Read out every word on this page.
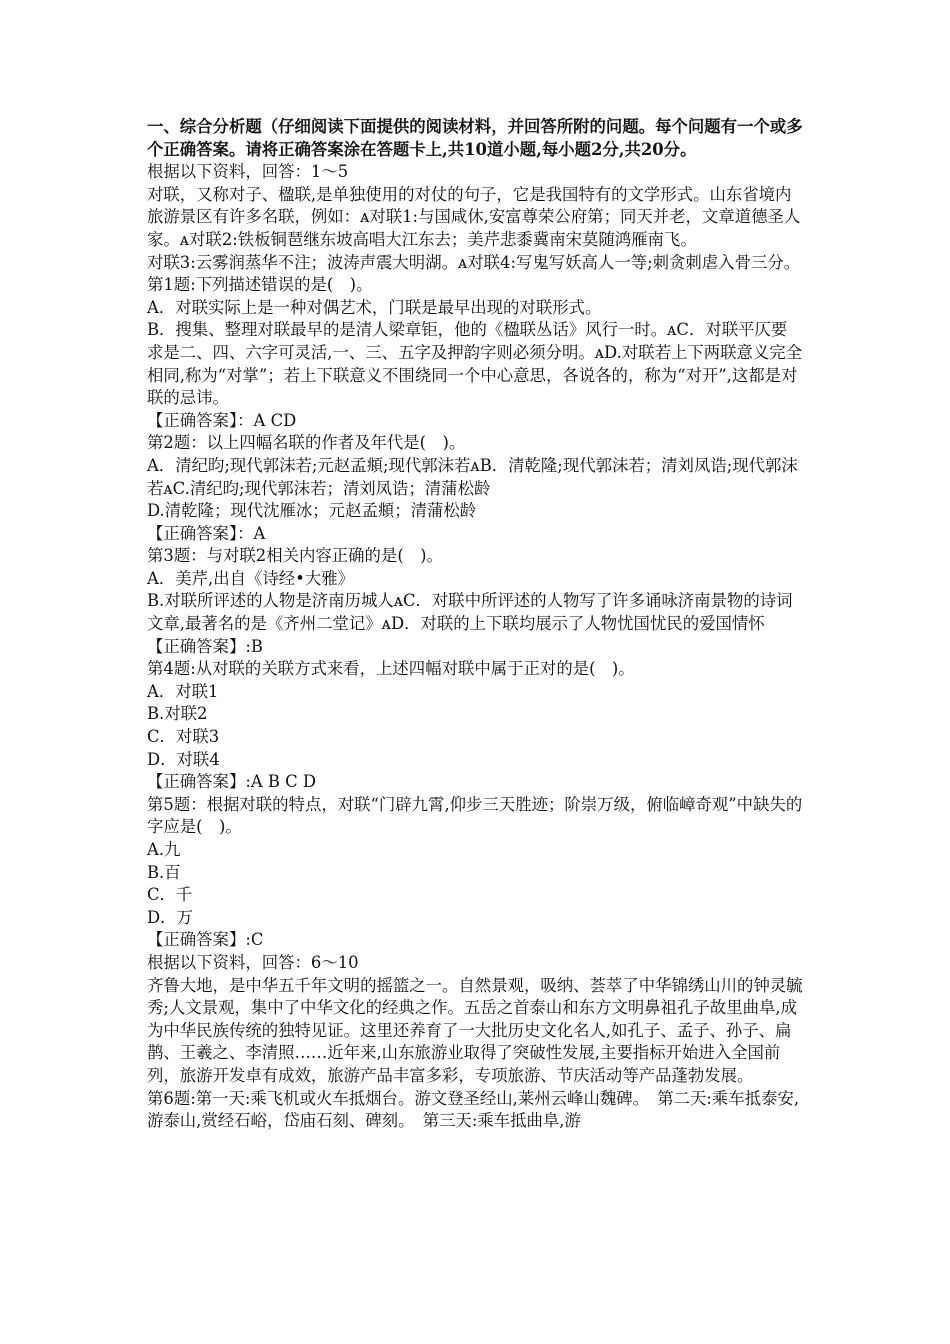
一、综合分析题（仔细阅读下面提供的阅读材料，并回答所附的问题。每个问题有一个或多个正确答案。请将正确答案涂在答题卡上,共10道小题,每小题2分,共20分。
根据以下资料，回答：1～5
对联，又称对子、楹联,是单独使用的对仗的句子，它是我国特有的文学形式。山东省境内旅游景区有许多名联，例如：ᴀ对联1:与国咸休,安富尊荣公府第；同天并老，文章道德圣人家。ᴀ对联2:铁板铜琶继东坡高唱大江东去；美芹悲黍冀南宋莫随鸿雁南飞。
对联3:云雾润蒸华不注；波涛声震大明湖。ᴀ对联4:写鬼写妖高人一等;刺贪刺虐入骨三分。
第1题:下列描述错误的是(　)。
A．对联实际上是一种对偶艺术，门联是最早出现的对联形式。
B．搜集、整理对联最早的是清人梁章钜，他的《楹联丛话》风行一时。ᴀC．对联平仄要求是二、四、六字可灵活,一、三、五字及押韵字则必须分明。ᴀD.对联若上下两联意义完全相同,称为“对掌”；若上下联意义不围绕同一个中心意思，各说各的，称为“对开”,这都是对联的忌讳。
【正确答案】：A CD
第2题：以上四幅名联的作者及年代是(　)。
A．清纪昀;现代郭沫若;元赵孟頫;现代郭沫若ᴀB．清乾隆;现代郭沫若；清刘凤诰;现代郭沫若ᴀC.清纪昀;现代郭沫若；清刘凤诰；清蒲松龄
D.清乾隆；现代沈雁冰；元赵孟頫；清蒲松龄
【正确答案】：A
第3题：与对联2相关内容正确的是(　)。
A．美芹,出自《诗经•大雅》
B.对联所评述的人物是济南历城人ᴀC．对联中所评述的人物写了许多诵咏济南景物的诗词文章,最著名的是《齐州二堂记》ᴀD．对联的上下联均展示了人物忧国忧民的爱国情怀
【正确答案】:B
第4题:从对联的关联方式来看，上述四幅对联中属于正对的是(　)。
A．对联1
B.对联2
C．对联3
D．对联4
【正确答案】:A B C D
第5题：根据对联的特点，对联“门辟九霄,仰步三天胜迹；阶崇万级，俯临嶂奇观”中缺失的字应是(　)。
A.九
B.百
C．千
D．万
【正确答案】:C
根据以下资料，回答：6～10
齐鲁大地，是中华五千年文明的摇篮之一。自然景观，吸纳、荟萃了中华锦绣山川的钟灵毓秀;人文景观，集中了中华文化的经典之作。五岳之首泰山和东方文明鼻祖孔子故里曲阜,成为中华民族传统的独特见证。这里还养育了一大批历史文化名人,如孔子、孟子、孙子、扁鹊、王羲之、李清照……近年来,山东旅游业取得了突破性发展,主要指标开始进入全国前列，旅游开发卓有成效，旅游产品丰富多彩，专项旅游、节庆活动等产品蓬勃发展。
第6题:第一天:乘飞机或火车抵烟台。游文登圣经山,莱州云峰山魏碑。　第二天:乘车抵泰安,游泰山,赏经石峪，岱庙石刻、碑刻。　第三天:乘车抵曲阜,游
